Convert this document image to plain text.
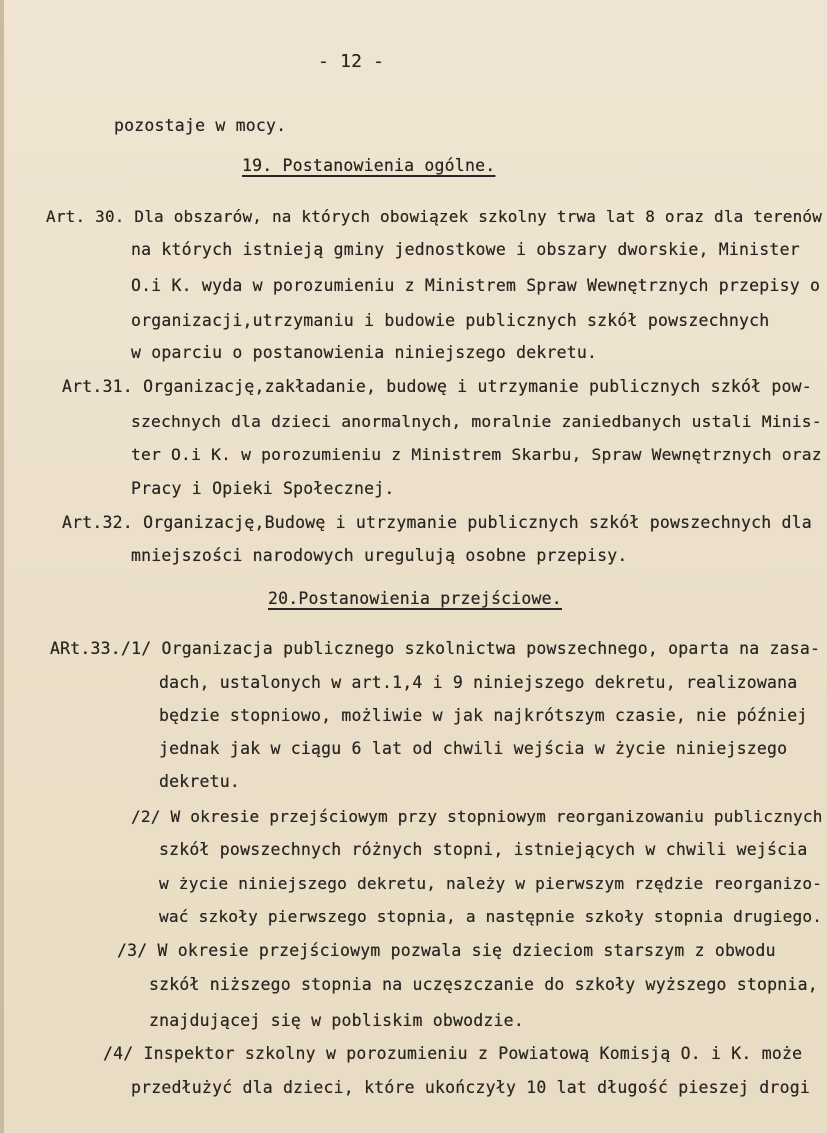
- 12 -
pozostaje w mocy.
19. Postanowienia ogólne.
Art. 30. Dla obszarów, na których obowiązek szkolny trwa lat 8 oraz dla terenów
na których istnieją gminy jednostkowe i obszary dworskie, Minister
O.i K. wyda w porozumieniu z Ministrem Spraw Wewnętrznych przepisy o
organizacji,utrzymaniu i budowie publicznych szkół powszechnych
w oparciu o postanowienia niniejszego dekretu.
Art.31. Organizację,zakładanie, budowę i utrzymanie publicznych szkół pow-
szechnych dla dzieci anormalnych, moralnie zaniedbanych ustali Minis-
ter O.i K. w porozumieniu z Ministrem Skarbu, Spraw Wewnętrznych oraz
Pracy i Opieki Społecznej.
Art.32. Organizację,Budowę i utrzymanie publicznych szkół powszechnych dla
mniejszości narodowych uregulują osobne przepisy.
20.Postanowienia przejściowe.
ARt.33./1/ Organizacja publicznego szkolnictwa powszechnego, oparta na zasa-
dach, ustalonych w art.1,4 i 9 niniejszego dekretu, realizowana
będzie stopniowo, możliwie w jak najkrótszym czasie, nie później
jednak jak w ciągu 6 lat od chwili wejścia w życie niniejszego
dekretu.
/2/ W okresie przejściowym przy stopniowym reorganizowaniu publicznych
szkół powszechnych różnych stopni, istniejących w chwili wejścia
w życie niniejszego dekretu, należy w pierwszym rzędzie reorganizo-
wać szkoły pierwszego stopnia, a następnie szkoły stopnia drugiego.
/3/ W okresie przejściowym pozwala się dzieciom starszym z obwodu
szkół niższego stopnia na uczęszczanie do szkoły wyższego stopnia,
znajdującej się w pobliskim obwodzie.
/4/ Inspektor szkolny w porozumieniu z Powiatową Komisją O. i K. może
przedłużyć dla dzieci, które ukończyły 10 lat długość pieszej drogi
